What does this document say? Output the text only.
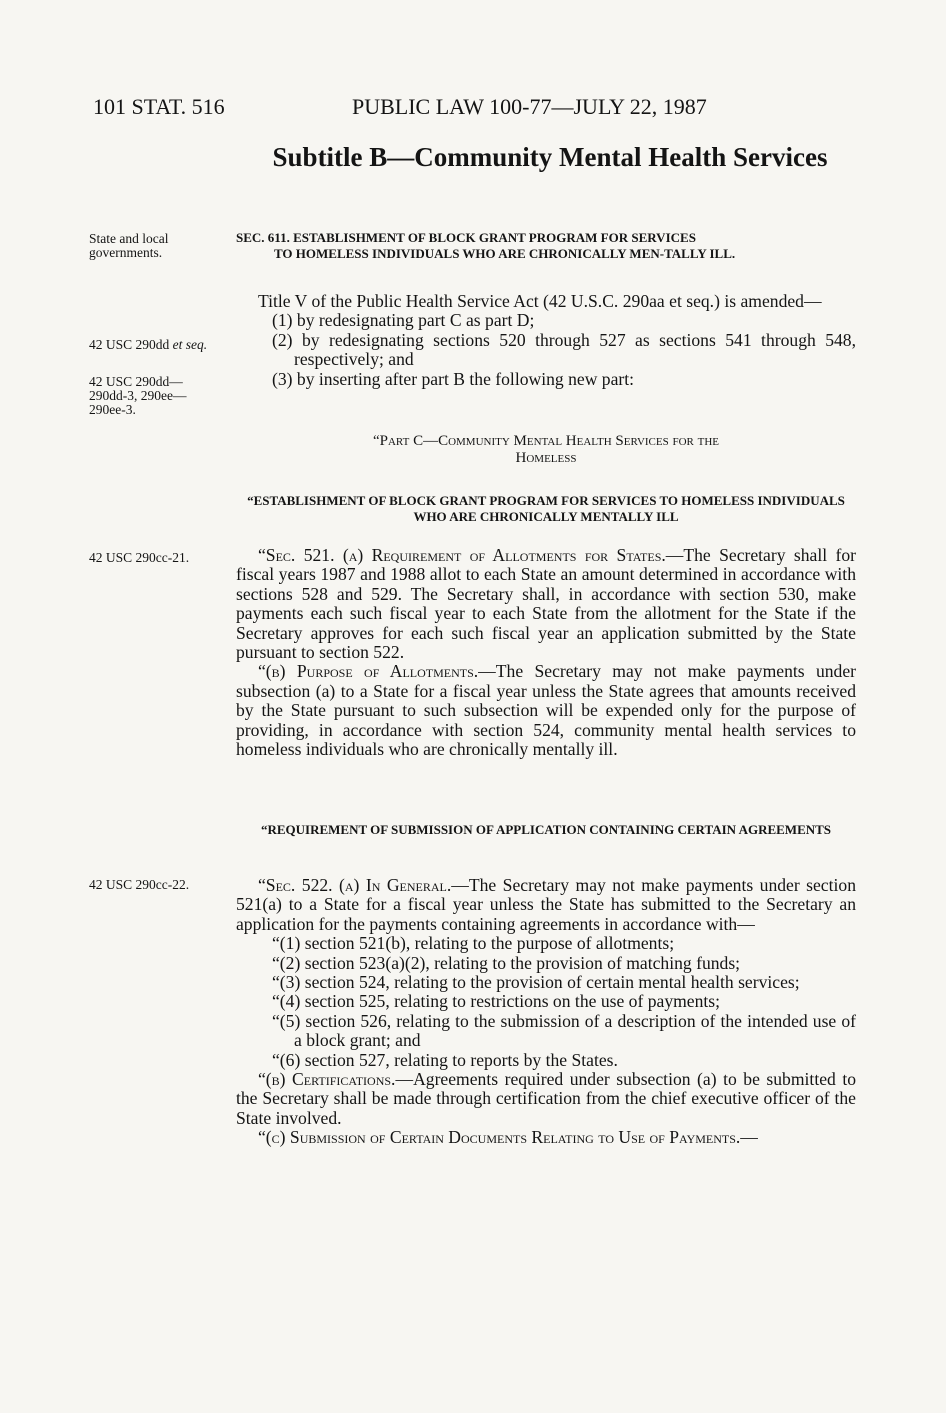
101 STAT. 516	PUBLIC LAW 100-77—JULY 22, 1987
Subtitle B—Community Mental Health Services
State and local governments.
42 USC 290dd et seq.
42 USC 290dd— 290dd-3, 290ee— 290ee-3.
42 USC 290cc-21.
42 USC 290cc-22.
SEC. 611. ESTABLISHMENT OF BLOCK GRANT PROGRAM FOR SERVICES
TO HOMELESS INDIVIDUALS WHO ARE CHRONICALLY MEN-TALLY ILL.

Title V of the Public Health Service Act (42 U.S.C. 290aa et seq.) is amended—

(1) by redesignating part C as part D;

(2) by redesignating sections 520 through 527 as sections 541 through 548, respectively; and

(3) by inserting after part B the following new part:

“Part C—Community Mental Health Services for the

Homeless

“ESTABLISHMENT OF BLOCK GRANT PROGRAM FOR SERVICES TO HOMELESS INDIVIDUALS WHO ARE CHRONICALLY MENTALLY ILL

“Sec. 521. (a) Requirement of Allotments for States.—The Secretary shall for fiscal years 1987 and 1988 allot to each State an amount determined in accordance with sections 528 and 529. The Secretary shall, in accordance with section 530, make payments each such fiscal year to each State from the allotment for the State if the Secretary approves for each such fiscal year an application submitted by the State pursuant to section 522.

“(b) Purpose of Allotments.—The Secretary may not make payments under subsection (a) to a State for a fiscal year unless the State agrees that amounts received by the State pursuant to such subsection will be expended only for the purpose of providing, in accordance with section 524, community mental health services to homeless individuals who are chronically mentally ill.

“REQUIREMENT OF SUBMISSION OF APPLICATION CONTAINING CERTAIN AGREEMENTS

“Sec. 522. (a) In General.—The Secretary may not make payments under section 521(a) to a State for a fiscal year unless the State has submitted to the Secretary an application for the payments containing agreements in accordance with—

“(1) section 521(b), relating to the purpose of allotments;

“(2) section 523(a)(2), relating to the provision of matching funds;

“(3) section 524, relating to the provision of certain mental health services;

“(4) section 525, relating to restrictions on the use of payments;

“(5) section 526, relating to the submission of a description of the intended use of a block grant; and

“(6) section 527, relating to reports by the States.

“(b) Certifications.—Agreements required under subsection (a) to be submitted to the Secretary shall be made through certification from the chief executive officer of the State involved.

“(c) Submission of Certain Documents Relating to Use of Payments.—
